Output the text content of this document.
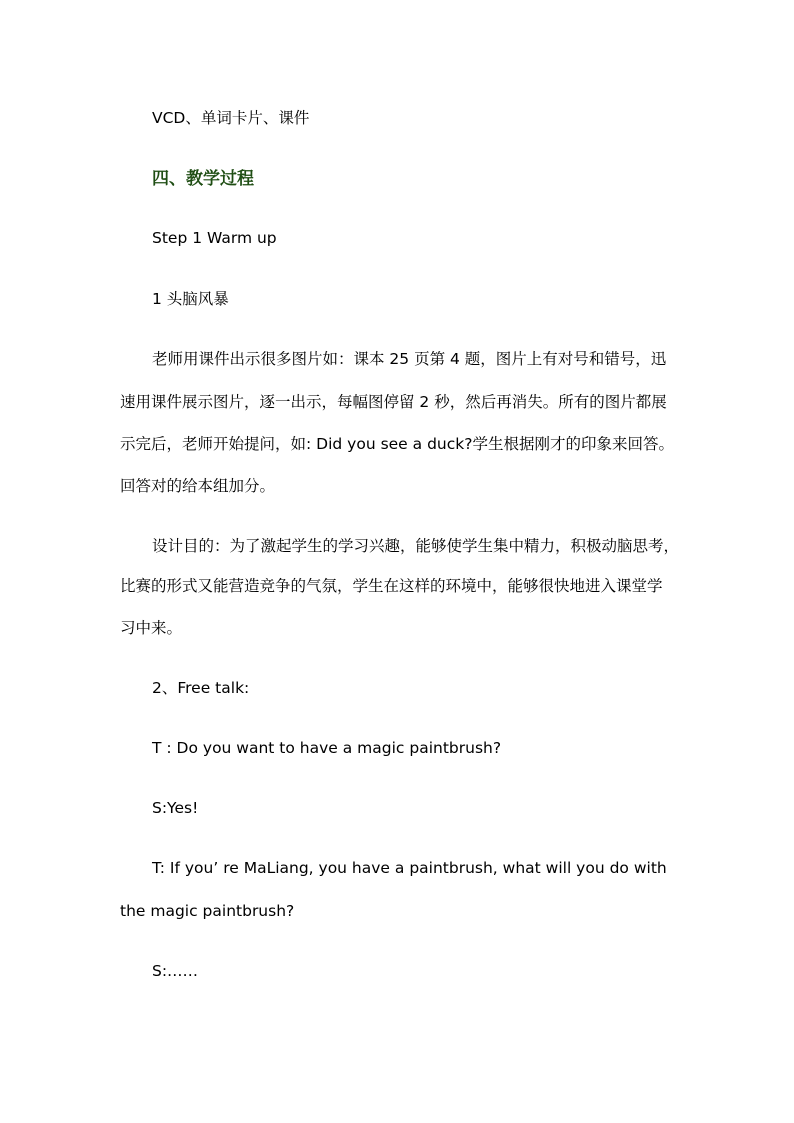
VCD、单词卡片、课件
四、教学过程
Step 1 Warm up
1 头脑风暴
老师用课件出示很多图片如：课本 25 页第 4 题，图片上有对号和错号，迅
速用课件展示图片，逐一出示，每幅图停留 2 秒，然后再消失。所有的图片都展
示完后，老师开始提问，如: Did you see a duck?学生根据刚才的印象来回答。
回答对的给本组加分。
设计目的：为了激起学生的学习兴趣，能够使学生集中精力，积极动脑思考，
比赛的形式又能营造竞争的气氛，学生在这样的环境中，能够很快地进入课堂学
习中来。
2、Free talk:
T : Do you want to have a magic paintbrush?
S:Yes!
T: If you’ re MaLiang, you have a paintbrush, what will you do with
the magic paintbrush?
S:……
